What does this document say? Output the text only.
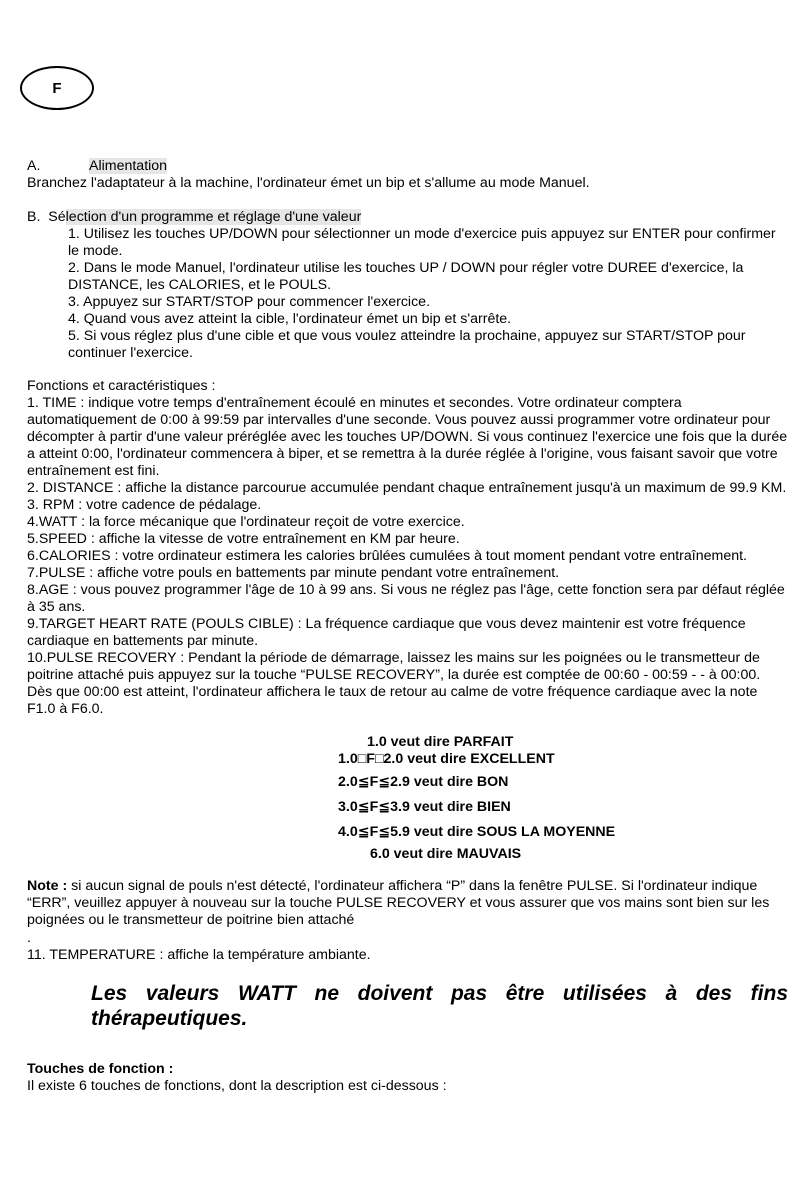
F
A.	Alimentation
Branchez l'adaptateur à la machine, l'ordinateur émet un bip et s'allume au mode Manuel.
B. Sélection d'un programme et réglage d'une valeur
1. Utilisez les touches UP/DOWN pour sélectionner un mode d'exercice puis appuyez sur ENTER pour confirmer le mode.
2. Dans le mode Manuel, l'ordinateur utilise les touches UP / DOWN pour régler votre DUREE d'exercice, la DISTANCE, les CALORIES, et le POULS.
3. Appuyez sur START/STOP pour commencer l'exercice.
4. Quand vous avez atteint la cible, l'ordinateur émet un bip et s'arrête.
5. Si vous réglez plus d'une cible et que vous voulez atteindre la prochaine, appuyez sur START/STOP pour continuer l'exercice.
Fonctions et caractéristiques :
1. TIME : indique votre temps d'entraînement écoulé en minutes et secondes. Votre ordinateur comptera automatiquement de 0:00 à 99:59 par intervalles d'une seconde. Vous pouvez aussi programmer votre ordinateur pour décompter à partir d'une valeur préréglée avec les touches UP/DOWN. Si vous continuez l'exercice une fois que la durée a atteint 0:00, l'ordinateur commencera à biper, et se remettra à la durée réglée à l'origine, vous faisant savoir que votre entraînement est fini.
2. DISTANCE : affiche la distance parcourue accumulée pendant chaque entraînement jusqu'à un maximum de 99.9 KM.
3. RPM : votre cadence de pédalage.
4.WATT : la force mécanique que l'ordinateur reçoit de votre exercice.
5.SPEED : affiche la vitesse de votre entraînement en KM par heure.
6.CALORIES : votre ordinateur estimera les calories brûlées cumulées à tout moment pendant votre entraînement.
7.PULSE : affiche votre pouls en battements par minute pendant votre entraînement.
8.AGE : vous pouvez programmer l'âge de 10 à 99 ans. Si vous ne réglez pas l'âge, cette fonction sera par défaut réglée à 35 ans.
9.TARGET HEART RATE (POULS CIBLE) : La fréquence cardiaque que vous devez maintenir est votre fréquence cardiaque en battements par minute.
10.PULSE RECOVERY : Pendant la période de démarrage, laissez les mains sur les poignées ou le transmetteur de poitrine attaché puis appuyez sur la touche “PULSE RECOVERY”, la durée est comptée de 00:60 - 00:59 - - à 00:00. Dès que 00:00 est atteint, l'ordinateur affichera le taux de retour au calme de votre fréquence cardiaque avec la note F1.0 à F6.0.
1.0 veut dire PARFAIT
1.0□F□2.0 veut dire EXCELLENT
2.0≦F≦2.9 veut dire BON
3.0≦F≦3.9 veut dire BIEN
4.0≦F≦5.9 veut dire SOUS LA MOYENNE
6.0 veut dire MAUVAIS
Note : si aucun signal de pouls n'est détecté, l'ordinateur affichera “P” dans la fenêtre PULSE. Si l'ordinateur indique “ERR”, veuillez appuyer à nouveau sur la touche PULSE RECOVERY et vous assurer que vos mains sont bien sur les poignées ou le transmetteur de poitrine bien attaché
.
11. TEMPERATURE : affiche la température ambiante.
Les valeurs WATT ne doivent pas être utilisées à des fins
thérapeutiques.
Touches de fonction :
Il existe 6 touches de fonctions, dont la description est ci-dessous :
